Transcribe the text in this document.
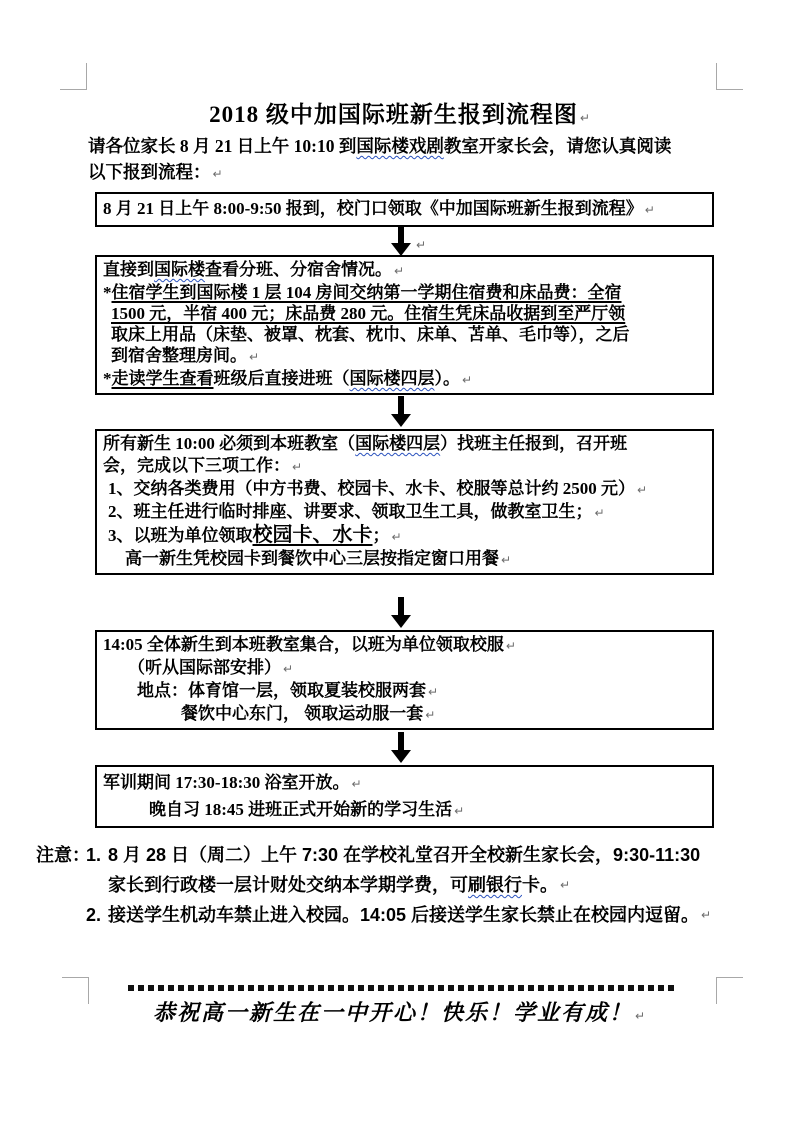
2018 级中加国际班新生报到流程图 ↵
请各位家长 8 月 21 日上午 10:10 到国际楼戏剧教室开家长会，请您认真阅读
以下报到流程： ↵
8 月 21 日上午 8:00-9:50 报到，校门口领取《中加国际班新生报到流程》 ↵
↵
直接到国际楼查看分班、分宿舍情况。 ↵
*住宿学生到国际楼 1 层 104 房间交纳第一学期住宿费和床品费：全宿
1500 元，半宿 400 元；床品费 280 元。住宿生凭床品收据到至严厅领
取床上用品（床垫、被罩、枕套、枕巾、床单、苫单、毛巾等），之后
到宿舍整理房间。 ↵
*走读学生查看班级后直接进班（国际楼四层）。 ↵
所有新生 10:00 必须到本班教室（国际楼四层）找班主任报到，召开班
会，完成以下三项工作： ↵
1、交纳各类费用（中方书费、校园卡、水卡、校服等总计约 2500 元） ↵
2、班主任进行临时排座、讲要求、领取卫生工具，做教室卫生； ↵
3、以班为单位领取校园卡、水卡； ↵
高一新生凭校园卡到餐饮中心三层按指定窗口用餐 ↵
14:05 全体新生到本班教室集合，以班为单位领取校服 ↵
（听从国际部安排） ↵
地点：体育馆一层，领取夏装校服两套 ↵
餐饮中心东门， 领取运动服一套 ↵
军训期间 17:30-18:30 浴室开放。 ↵
晚自习 18:45 进班正式开始新的学习生活 ↵
注意：
1. 8 月 28 日（周二）上午 7:30 在学校礼堂召开全校新生家长会，9:30-11:30
家长到行政楼一层计财处交纳本学期学费，可 刷银行 卡。 ↵
2. 接送学生机动车禁止进入校园。14:05 后接送学生家长禁止在校园内逗留。 ↵
恭祝高一新生在一中开心！快乐！学业有成！ ↵
